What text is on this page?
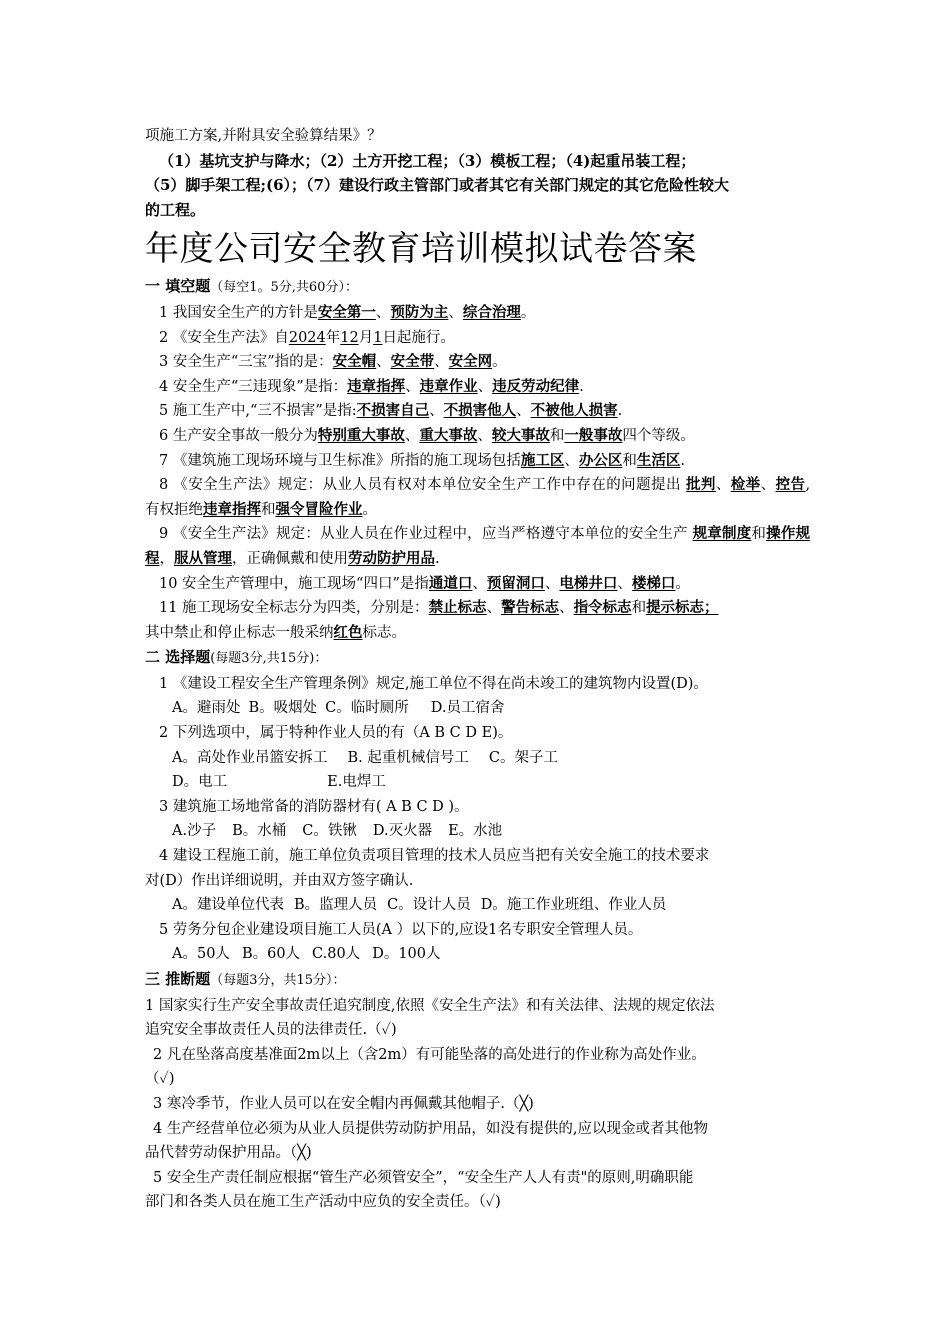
项施工方案,并附具安全验算结果》？
（1）基坑支护与降水；（2）土方开挖工程；（3）模板工程；（4)起重吊装工程；
（5）脚手架工程;(6）；（7）建设行政主管部门或者其它有关部门规定的其它危险性较大
的工程。
年度公司安全教育培训模拟试卷答案
一 填空题（每空1。5分,共60分）：
1 我国安全生产的方针是安全第一、预防为主、综合治理。
2 《安全生产法》自2024年12月1日起施行。
3 安全生产“三宝”指的是：安全帽、安全带、安全网。
4 安全生产“三违现象”是指：违章指挥、违章作业、违反劳动纪律.
5 施工生产中,“三不损害”是指:不损害自己、不损害他人、不被他人损害.
6 生产安全事故一般分为特别重大事故、重大事故、较大事故和一般事故四个等级。
7 《建筑施工现场环境与卫生标准》所指的施工现场包括施工区、办公区和生活区.
8 《安全生产法》规定：从业人员有权对本单位安全生产工作中存在的问题提出 批判、检举、控告, 有权拒绝违章指挥和强令冒险作业。
9 《安全生产法》规定：从业人员在作业过程中，应当严格遵守本单位的安全生产 规章制度和操作规程，服从管理，正确佩戴和使用劳动防护用品.
10 安全生产管理中，施工现场“四口”是指通道口、预留洞口、电梯井口、楼梯口。
11 施工现场安全标志分为四类，分别是：禁止标志、警告标志、指令标志和提示标志；
其中禁止和停止标志一般采纳红色标志。
二 选择题(每题3分,共15分)：
1 《建设工程安全生产管理条例》规定,施工单位不得在尚未竣工的建筑物内设置(D)。
A。避雨处 B。吸烟处 C。临时厕所 D.员工宿舍
2 下列选项中，属于特种作业人员的有（A B C D E)。
A。高处作业吊篮安拆工 B. 起重机械信号工 C。架子工
D。电工	E.电焊工
3 建筑施工场地常备的消防器材有( A B C D )。
A.沙子 B。水桶 C。铁锹 D.灭火器 E。水池
4 建设工程施工前，施工单位负责项目管理的技术人员应当把有关安全施工的技术要求
对(D）作出详细说明，并由双方签字确认.
A。建设单位代表 B。监理人员 C。设计人员 D。施工作业班组、作业人员
5 劳务分包企业建设项目施工人员(A ）以下的,应设1名专职安全管理人员。
A。50人 B。60人 C.80人 D。100人
三 推断题（每题3分，共15分）：
1 国家实行生产安全事故责任追究制度,依照《安全生产法》和有关法律、法规的规定依法
追究安全事故责任人员的法律责任.（✓)
2 凡在坠落高度基准面2m以上（含2m）有可能坠落的高处进行的作业称为高处作业。
（✓)
3 寒冷季节，作业人员可以在安全帽内再佩戴其他帽子.（╳)
4 生产经营单位必须为从业人员提供劳动防护用品，如没有提供的,应以现金或者其他物
品代替劳动保护用品。（╳)
5 安全生产责任制应根据“管生产必须管安全”，“安全生产人人有责"的原则,明确职能
部门和各类人员在施工生产活动中应负的安全责任。（✓)
